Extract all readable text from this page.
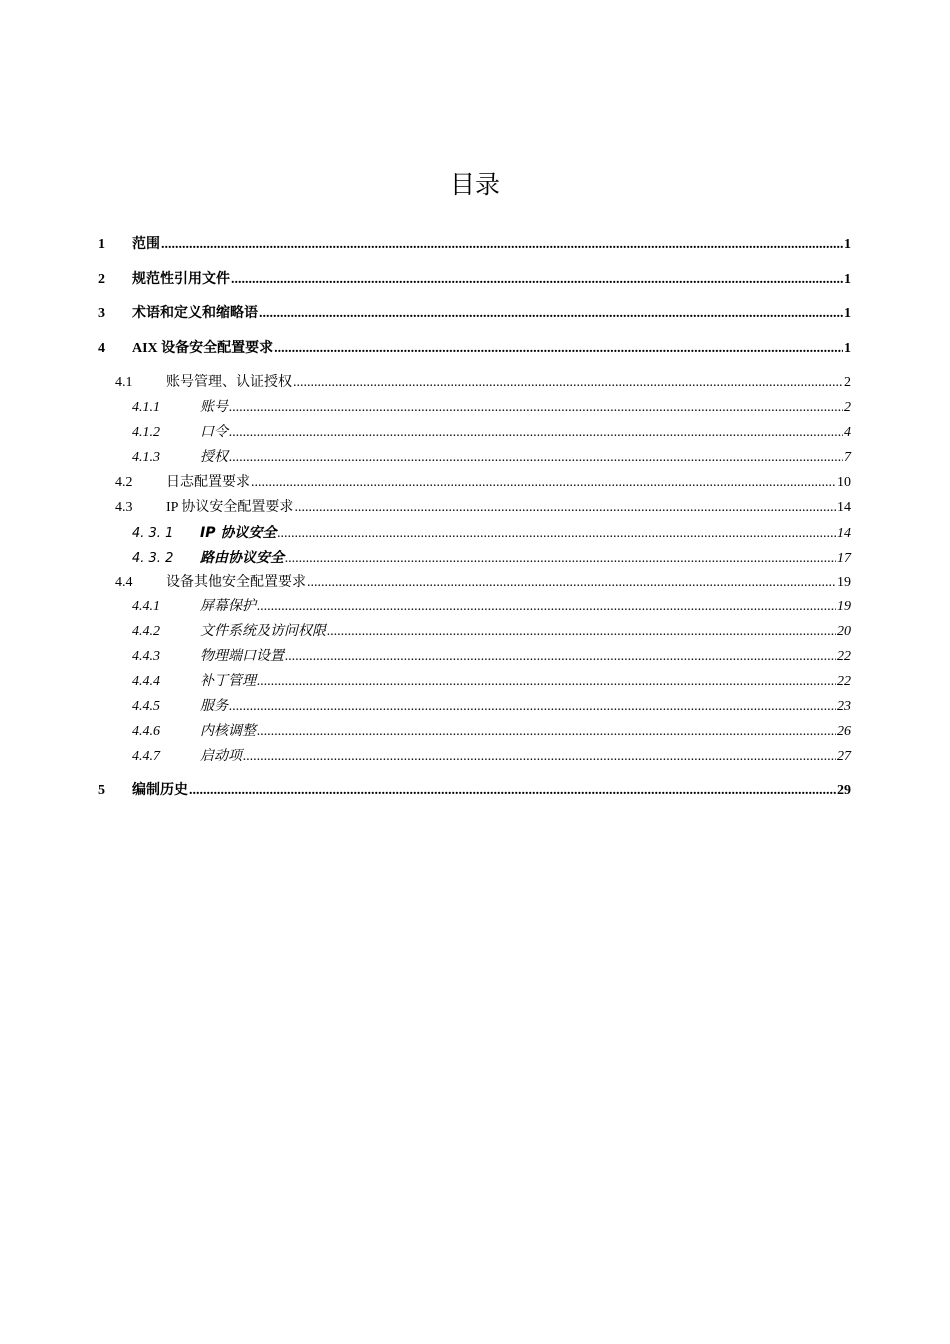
目录
1	范围 .....	1
2	规范性引用文件 .....	1
3	术语和定义和缩略语 .....	1
4	AIX 设备安全配置要求 .....	1
4.1	账号管理、认证授权 .....	2
4.1.1	账号 .....	2
4.1.2	口令 .....	4
4.1.3	授权 .....	7
4.2	日志配置要求 .....	10
4.3	IP 协议安全配置要求 .....	14
4. 3. 1	IP 协议安全 .....	14
4. 3. 2	路由协议安全 .....	17
4.4	设备其他安全配置要求 .....	19
4.4.1	屏幕保护 .....	19
4.4.2	文件系统及访问权限 .....	20
4.4.3	物理端口设置 .....	22
4.4.4	补丁管理 .....	22
4.4.5	服务 .....	23
4.4.6	内核调整 .....	26
4.4.7	启动项 .....	27
5	编制历史 .....	29
